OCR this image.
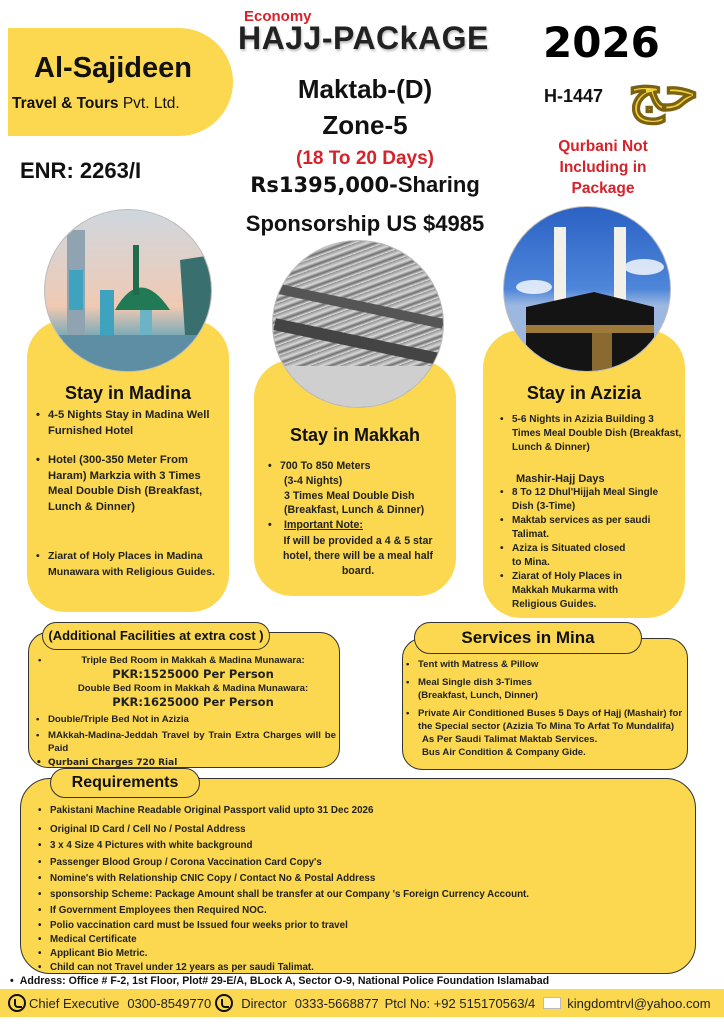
Al-Sajideen
Travel & Tours Pvt. Ltd.
ENR: 2263/I
Economy
HAJJ-PACkAGE 2026
H-1447 حج
Qurbani Not Including in Package
Maktab-(D)
Zone-5
(18 To 20 Days)
Rs1395,000-Sharing
Sponsorship US $4985
Stay in Madina
• 4-5 Nights Stay in Madina Well Furnished Hotel
• Hotel (300-350 Meter From Haram) Markzia with 3 Times Meal Double Dish (Breakfast, Lunch & Dinner)
• Ziarat of Holy Places in Madina Munawara with Religious Guides.
Stay in Makkah
• 700 To 850 Meters
(3-4 Nights)
3 Times Meal Double Dish
(Breakfast, Lunch & Dinner)
• Important Note:
If will be provided a 4 & 5 star hotel, there will be a meal half board.
Stay in Azizia
• 5-6 Nights in Azizia Building 3 Times Meal Double Dish (Breakfast, Lunch & Dinner)
Mashir-Hajj Days
• 8 To 12 Dhul'Hijjah Meal Single Dish (3-Time)
• Maktab services as per saudi Talimat.
• Aziza is Situated closed to Mina.
• Ziarat of Holy Places in Makkah Mukarma with Religious Guides.
(Additional Facilities at extra cost )
•	Triple Bed Room in Makkah & Madina Munawara:
PKR:1525000 Per Person
Double Bed Room in Makkah & Madina Munawara:
PKR:1625000 Per Person
• Double/Triple Bed Not in Azizia
• MAkkah-Madina-Jeddah Travel by Train Extra Charges will be Paid
• Qurbani Charges 720 Rial
Services in Mina
• Tent with Matress & Pillow
• Meal Single dish 3-Times (Breakfast, Lunch, Dinner)
• Private Air Conditioned Buses 5 Days of Hajj (Mashair) for the Special sector (Azizia To Mina To Arfat To Mundalifa)
As Per Saudi Talimat Maktab Services.
Bus Air Condition & Company Gide.
Requirements
• Pakistani Machine Readable Original Passport valid upto 31 Dec 2026
• Original ID Card / Cell No / Postal Address
• 3 x 4 Size 4 Pictures with white background
• Passenger Blood Group / Corona Vaccination Card Copy's
• Nomine's with Relationship CNIC Copy / Contact No & Postal Address
• sponsorship Scheme: Package Amount shall be transfer at our Company 's Foreign Currency Account.
• If Government Employees then Required NOC.
• Polio vaccination card must be Issued four weeks prior to travel
• Medical Certificate
• Applicant Bio Metric.
• Child can not Travel under 12 years as per saudi Talimat.
• Address: Office # F-2, 1st Floor, Plot# 29-E/A, BLock A, Sector O-9, National Police Foundation Islamabad
Chief Executive 0300-8549770 Director 0333-5668877 Ptcl No: +92 515170563/4 kingdomtrvl@yahoo.com
